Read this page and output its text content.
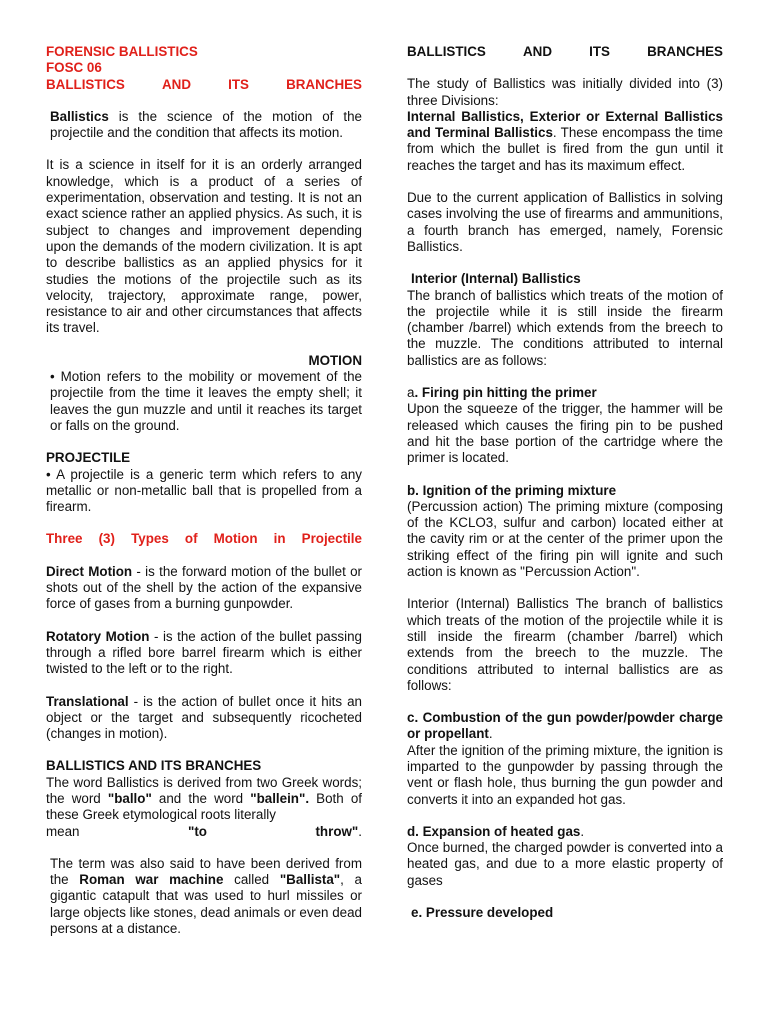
FORENSIC BALLISTICS
FOSC 06
BALLISTICS	AND	ITS	BRANCHES

Ballistics is the science of the motion of the projectile and the condition that affects its motion.

It is a science in itself for it is an orderly arranged knowledge, which is a product of a series of experimentation, observation and testing. It is not an exact science rather an applied physics. As such, it is subject to changes and improvement depending upon the demands of the modern civilization. It is apt to describe ballistics as an applied physics for it studies the motions of the projectile such as its velocity, trajectory, approximate range, power, resistance to air and other circumstances that affects its travel.

MOTION

• Motion refers to the mobility or movement of the projectile from the time it leaves the empty shell; it leaves the gun muzzle and until it reaches its target or falls on the ground.

PROJECTILE

• A projectile is a generic term which refers to any metallic or non-metallic ball that is propelled from a firearm.

Three (3) Types of Motion in Projectile

Direct Motion - is the forward motion of the bullet or shots out of the shell by the action of the expansive force of gases from a burning gunpowder.

Rotatory Motion - is the action of the bullet passing through a rifled bore barrel firearm which is either twisted to the left or to the right.

Translational - is the action of bullet once it hits an object or the target and subsequently ricocheted (changes in motion).

BALLISTICS AND ITS BRANCHES

The word Ballistics is derived from two Greek words; the word "ballo" and the word "ballein". Both of these Greek etymological roots literally

mean	"to	throw".

The term was also said to have been derived from the Roman war machine called "Ballista", a gigantic catapult that was used to hurl missiles or large objects like stones, dead animals or even dead persons at a distance.

BALLISTICS	AND	ITS	BRANCHES

The study of Ballistics was initially divided into (3) three Divisions:
Internal Ballistics, Exterior or External Ballistics and Terminal Ballistics. These encompass the time from which the bullet is fired from the gun until it reaches the target and has its maximum effect.

Due to the current application of Ballistics in solving cases involving the use of firearms and ammunitions, a fourth branch has emerged, namely, Forensic Ballistics.

Interior (Internal) Ballistics

The branch of ballistics which treats of the motion of the projectile while it is still inside the firearm (chamber /barrel) which extends from the breech to the muzzle. The conditions attributed to internal ballistics are as follows:

a. Firing pin hitting the primer

Upon the squeeze of the trigger, the hammer will be released which causes the firing pin to be pushed and hit the base portion of the cartridge where the primer is located.

b. Ignition of the priming mixture

(Percussion action) The priming mixture (composing of the KCLO3, sulfur and carbon) located either at the cavity rim or at the center of the primer upon the striking effect of the firing pin will ignite and such action is known as "Percussion Action".

Interior (Internal) Ballistics The branch of ballistics which treats of the motion of the projectile while it is still inside the firearm (chamber /barrel) which extends from the breech to the muzzle. The conditions attributed to internal ballistics are as follows:

c. Combustion of the gun powder/powder charge or propellant.

After the ignition of the priming mixture, the ignition is imparted to the gunpowder by passing through the vent or flash hole, thus burning the gun powder and converts it into an expanded hot gas.

d. Expansion of heated gas.

Once burned, the charged powder is converted into a heated gas, and due to a more elastic property of gases

e. Pressure developed
